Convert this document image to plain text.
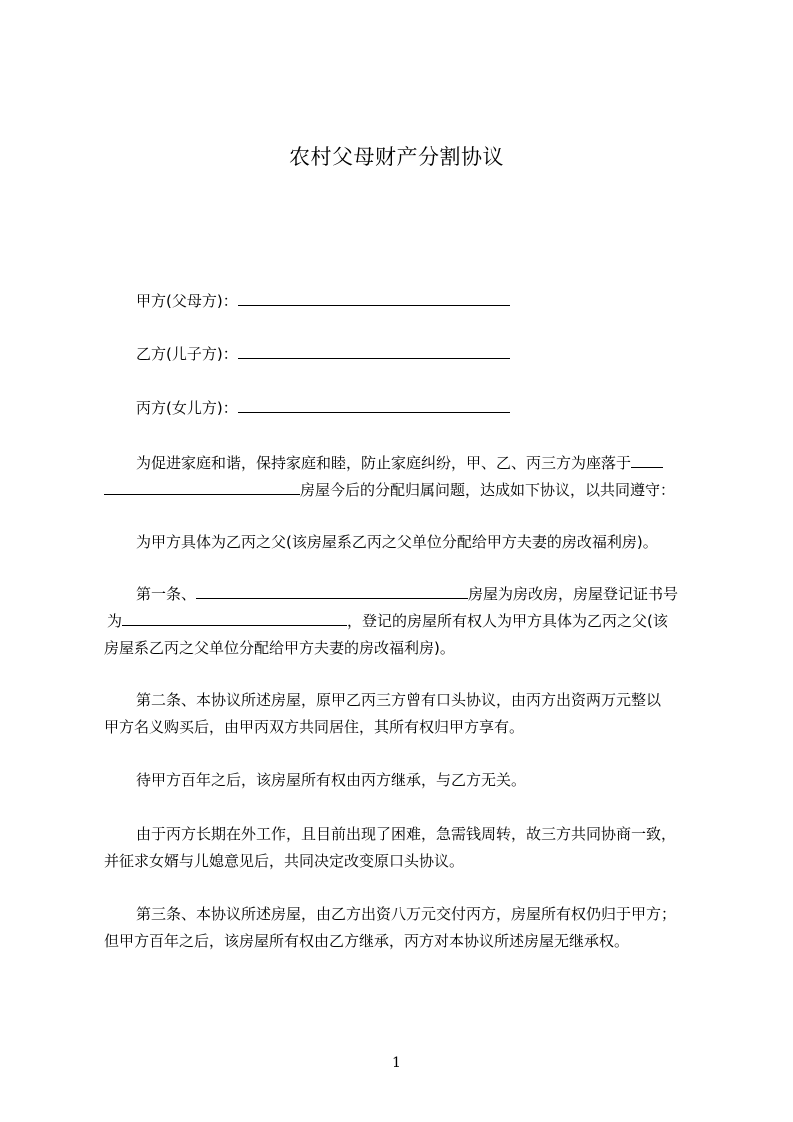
农村父母财产分割协议
甲方(父母方)：
乙方(儿子方)：
丙方(女儿方)：
为促进家庭和谐，保持家庭和睦，防止家庭纠纷，甲、乙、丙三方为座落于
房屋今后的分配归属问题，达成如下协议，以共同遵守：
为甲方具体为乙丙之父(该房屋系乙丙之父单位分配给甲方夫妻的房改福利房)。
第一条、	房屋为房改房，房屋登记证书号
为	，登记的房屋所有权人为甲方具体为乙丙之父(该
房屋系乙丙之父单位分配给甲方夫妻的房改福利房)。
第二条、本协议所述房屋，原甲乙丙三方曾有口头协议，由丙方出资两万元整以
甲方名义购买后，由甲丙双方共同居住，其所有权归甲方享有。
待甲方百年之后，该房屋所有权由丙方继承，与乙方无关。
由于丙方长期在外工作，且目前出现了困难，急需钱周转，故三方共同协商一致，
并征求女婿与儿媳意见后，共同决定改变原口头协议。
第三条、本协议所述房屋，由乙方出资八万元交付丙方，房屋所有权仍归于甲方；
但甲方百年之后，该房屋所有权由乙方继承，丙方对本协议所述房屋无继承权。
1
